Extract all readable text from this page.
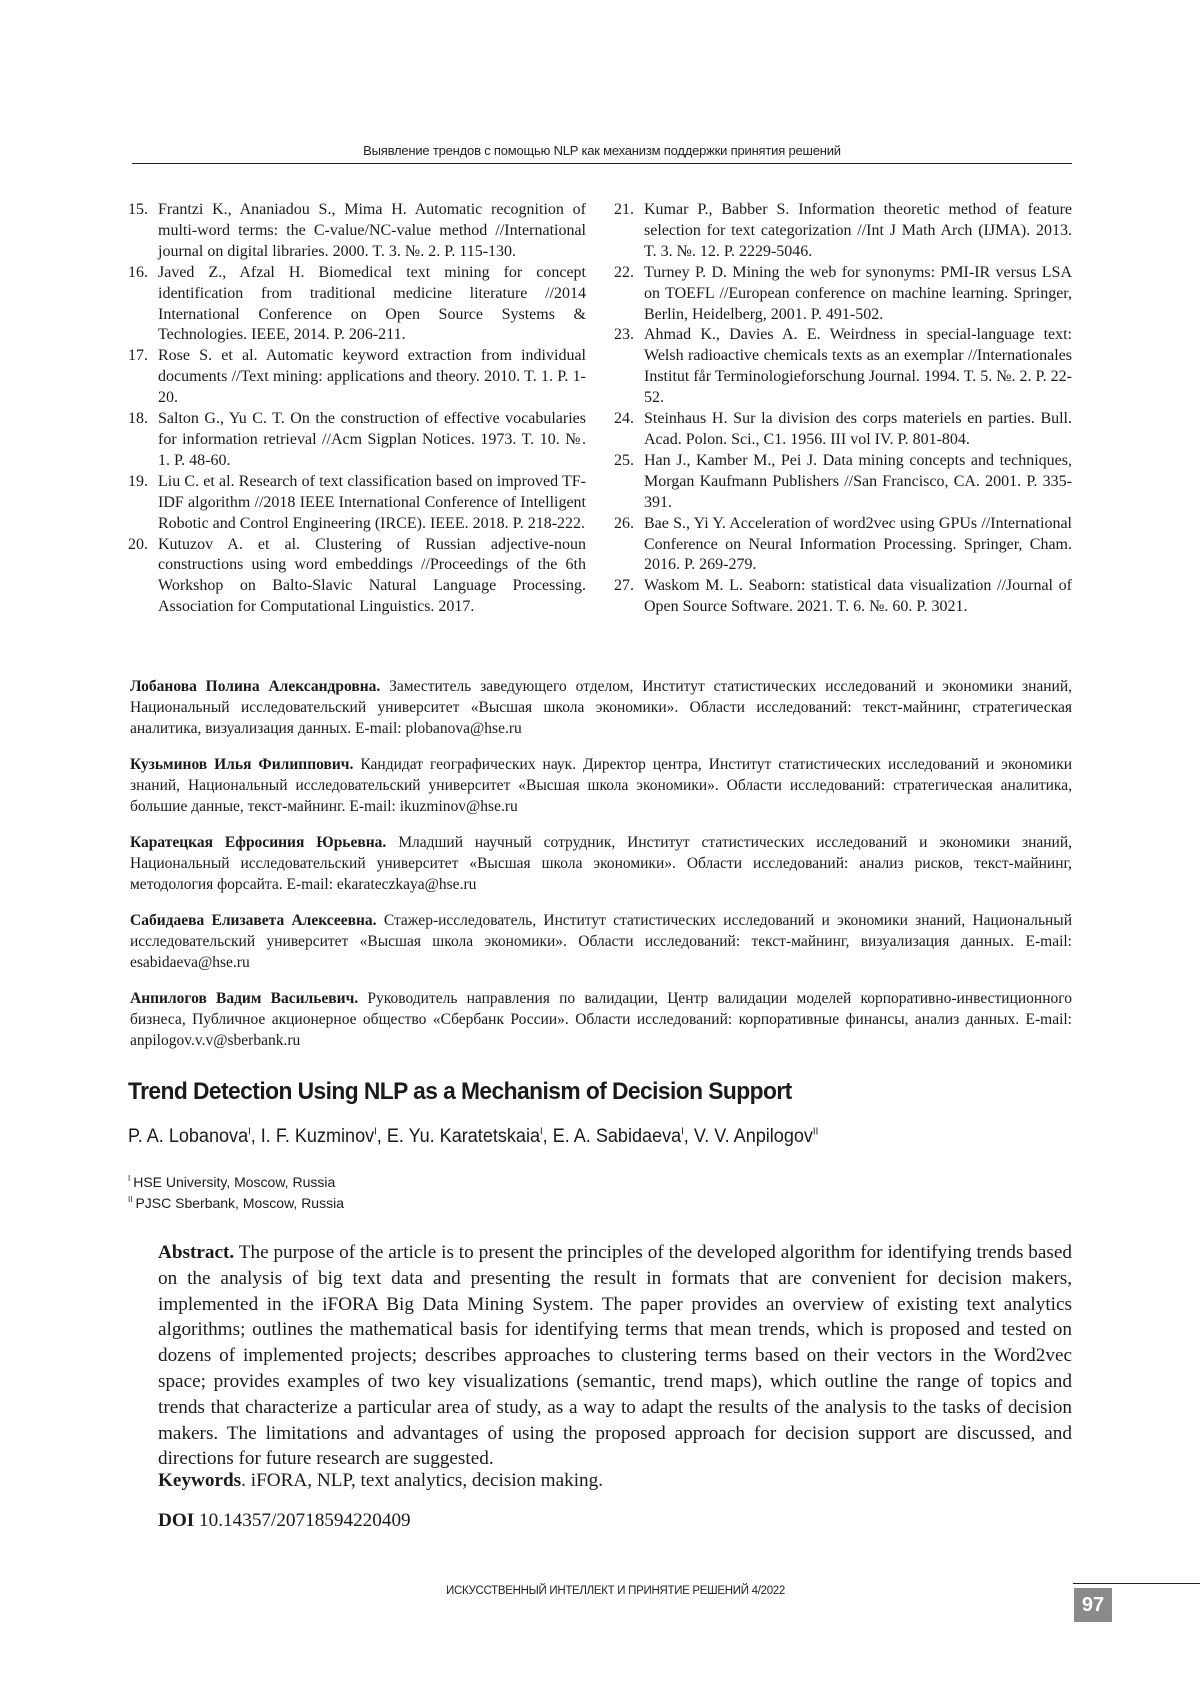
Выявление трендов с помощью NLP как механизм поддержки принятия решений
15. Frantzi K., Ananiadou S., Mima H. Automatic recognition of multi-word terms: the C-value/NC-value method //International journal on digital libraries. 2000. T. 3. №. 2. P. 115-130.
16. Javed Z., Afzal H. Biomedical text mining for concept identification from traditional medicine literature //2014 International Conference on Open Source Systems & Technologies. IEEE, 2014. P. 206-211.
17. Rose S. et al. Automatic keyword extraction from individual documents //Text mining: applications and theory. 2010. T. 1. P. 1-20.
18. Salton G., Yu C. T. On the construction of effective vocabularies for information retrieval //Acm Sigplan Notices. 1973. T. 10. №. 1. P. 48-60.
19. Liu C. et al. Research of text classification based on improved TF-IDF algorithm //2018 IEEE International Conference of Intelligent Robotic and Control Engineering (IRCE). IEEE. 2018. P. 218-222.
20. Kutuzov A. et al. Clustering of Russian adjective-noun constructions using word embeddings //Proceedings of the 6th Workshop on Balto-Slavic Natural Language Processing. Association for Computational Linguistics. 2017.
21. Kumar P., Babber S. Information theoretic method of feature selection for text categorization //Int J Math Arch (IJMA). 2013. T. 3. №. 12. P. 2229-5046.
22. Turney P. D. Mining the web for synonyms: PMI-IR versus LSA on TOEFL //European conference on machine learning. Springer, Berlin, Heidelberg, 2001. P. 491-502.
23. Ahmad K., Davies A. E. Weirdness in special-language text: Welsh radioactive chemicals texts as an exemplar //Internationales Institut får Terminologieforschung Journal. 1994. T. 5. №. 2. P. 22-52.
24. Steinhaus H. Sur la division des corps materiels en parties. Bull. Acad. Polon. Sci., C1. 1956. III vol IV. P. 801-804.
25. Han J., Kamber M., Pei J. Data mining concepts and techniques, Morgan Kaufmann Publishers //San Francisco, CA. 2001. P. 335-391.
26. Bae S., Yi Y. Acceleration of word2vec using GPUs //International Conference on Neural Information Processing. Springer, Cham. 2016. P. 269-279.
27. Waskom M. L. Seaborn: statistical data visualization //Journal of Open Source Software. 2021. T. 6. №. 60. P. 3021.

Лобанова Полина Александровна. Заместитель заведующего отделом, Институт статистических исследований и экономики знаний, Национальный исследовательский университет «Высшая школа экономики». Области исследований: текст-майнинг, стратегическая аналитика, визуализация данных. E-mail: plobanova@hse.ru

Кузьминов Илья Филиппович. Кандидат географических наук. Директор центра, Институт статистических исследований и экономики знаний, Национальный исследовательский университет «Высшая школа экономики». Области исследований: стратегическая аналитика, большие данные, текст-майнинг. E-mail: ikuzminov@hse.ru

Каратецкая Ефросиния Юрьевна. Младший научный сотрудник, Институт статистических исследований и экономики знаний, Национальный исследовательский университет «Высшая школа экономики». Области исследований: анализ рисков, текст-майнинг, методология форсайта. E-mail: ekarateczkaya@hse.ru

Сабидаева Елизавета Алексеевна. Стажер-исследователь, Институт статистических исследований и экономики знаний, Национальный исследовательский университет «Высшая школа экономики». Области исследований: текст-майнинг, визуализация данных. E-mail: esabidaeva@hse.ru

Анпилогов Вадим Васильевич. Руководитель направления по валидации, Центр валидации моделей корпоративно-инвестиционного бизнеса, Публичное акционерное общество «Сбербанк России». Области исследований: корпоративные финансы, анализ данных. E-mail: anpilogov.v.v@sberbank.ru

Trend Detection Using NLP as a Mechanism of Decision Support
P. A. Lobanova$^I$, I. F. Kuzminov$^I$, E. Yu. Karatetskaia$^I$, E. A. Sabidaeva$^I$, V. V. Anpilogov$^{II}$
$^I$ HSE University, Moscow, Russia
$^{II}$ PJSC Sberbank, Moscow, Russia

Abstract. The purpose of the article is to present the principles of the developed algorithm for identifying trends based on the analysis of big text data and presenting the result in formats that are convenient for decision makers, implemented in the iFORA Big Data Mining System. The paper provides an overview of existing text analytics algorithms; outlines the mathematical basis for identifying terms that mean trends, which is proposed and tested on dozens of implemented projects; describes approaches to clustering terms based on their vectors in the Word2vec space; provides examples of two key visualizations (semantic, trend maps), which outline the range of topics and trends that characterize a particular area of study, as a way to adapt the results of the analysis to the tasks of decision makers. The limitations and advantages of using the proposed approach for decision support are discussed, and directions for future research are suggested.

Keywords. iFORA, NLP, text analytics, decision making.

DOI 10.14357/20718594220409

ИСКУССТВЕННЫЙ ИНТЕЛЛЕКТ И ПРИНЯТИЕ РЕШЕНИЙ 4/2022
97
